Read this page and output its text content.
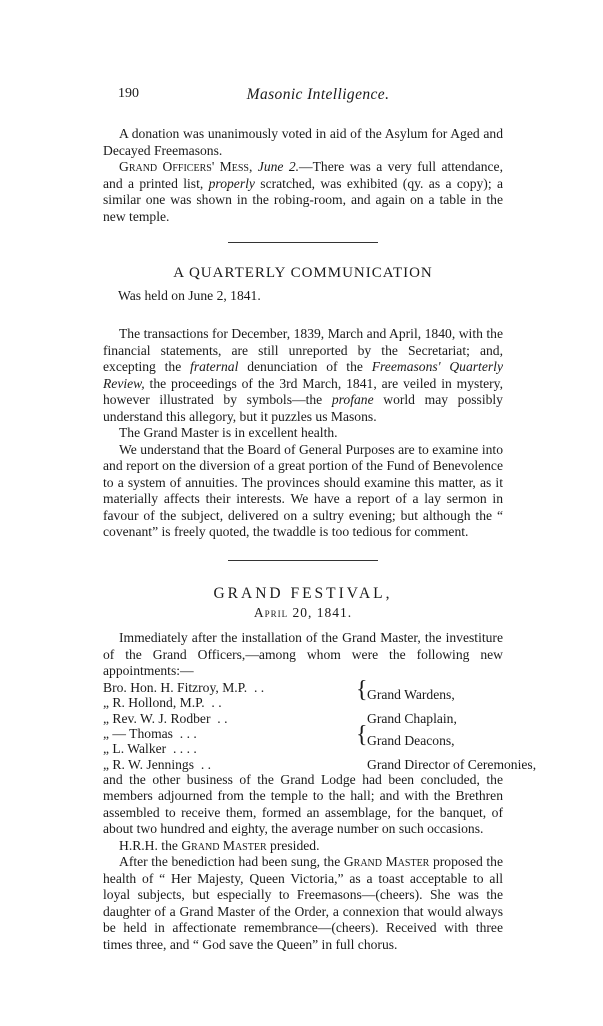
190	Masonic Intelligence.

A donation was unanimously voted in aid of the Asylum for Aged and Decayed Freemasons.

Grand Officers' Mess, June 2.—There was a very full attendance, and a printed list, properly scratched, was exhibited (qy. as a copy); a similar one was shown in the robing-room, and again on a table in the new temple.

A QUARTERLY COMMUNICATION

Was held on June 2, 1841.

The transactions for December, 1839, March and April, 1840, with the financial statements, are still unreported by the Secretariat; and, excepting the fraternal denunciation of the Freemasons' Quarterly Review, the proceedings of the 3rd March, 1841, are veiled in mystery, however illustrated by symbols—the profane world may possibly understand this allegory, but it puzzles us Masons.

The Grand Master is in excellent health.

We understand that the Board of General Purposes are to examine into and report on the diversion of a great portion of the Fund of Benevolence to a system of annuities. The provinces should examine this matter, as it materially affects their interests. We have a report of a lay sermon in favour of the subject, delivered on a sultry evening; but although the “ covenant” is freely quoted, the twaddle is too tedious for comment.

GRAND FESTIVAL,
April 20, 1841.

Immediately after the installation of the Grand Master, the investiture of the Grand Officers,—among whom were the following new appointments:—

Bro. Hon. H. Fitzroy, M.P. . .
„ R. Hollond, M.P. . .
„ Rev. W. J. Rodber . .
„ — Thomas . . .
„ L. Walker . . . .
„ R. W. Jennings . .
{ Grand Wardens,
Grand Chaplain,
{ Grand Deacons,
Grand Director of Ceremonies,

and the other business of the Grand Lodge had been concluded, the members adjourned from the temple to the hall; and with the Brethren assembled to receive them, formed an assemblage, for the banquet, of about two hundred and eighty, the average number on such occasions.

H.R.H. the Grand Master presided.

After the benediction had been sung, the Grand Master proposed the health of “ Her Majesty, Queen Victoria,” as a toast acceptable to all loyal subjects, but especially to Freemasons—(cheers). She was the daughter of a Grand Master of the Order, a connexion that would always be held in affectionate remembrance—(cheers). Received with three times three, and “ God save the Queen” in full chorus.
